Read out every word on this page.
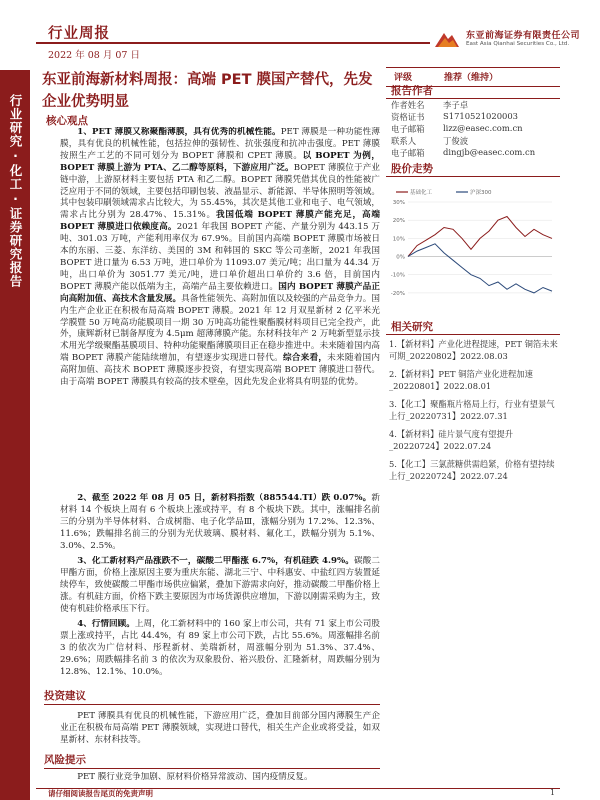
行业研究·化工·证券研究报告
行业周报
2022 年 08 月 07 日
东亚前海证券有限责任公司
East Asia Qianhai Securities Co., Ltd.
东亚前海新材料周报：高端 PET 膜国产替代，先发企业优势明显
核心观点
1、PET 薄膜又称聚酯薄膜，具有优秀的机械性能。PET 薄膜是一种功能性薄膜，具有优良的机械性能，包括拉伸的强韧性、抗张强度和抗冲击强度。PET 薄膜按照生产工艺的不同可划分为 BOPET 薄膜和 CPET 薄膜。以 BOPET 为例，BOPET 薄膜上游为 PTA、乙二醇等原料，下游应用广泛。BOPET 薄膜位于产业链中游，上游原材料主要包括 PTA 和乙二醇。BOPET 薄膜凭借其优良的性能被广泛应用于不同的领域，主要包括印刷包装、液晶显示、新能源、半导体照明等领域。其中包装印刷领域需求占比较大，为 55.45%，其次是其他工业和电子、电气领域，需求占比分别为 28.47%、15.31%。我国低端 BOPET 薄膜产能充足，高端 BOPET 薄膜进口依赖度高。2021 年我国 BOPET 产能、产量分别为 443.15 万吨、301.03 万吨，产能利用率仅为 67.9%。目前国内高端 BOPET 薄膜市场被日本的东丽、三菱、东洋纺、美国的 3M 和韩国的 SKC 等公司垄断，2021 年我国 BOPET 进口量为 6.53 万吨，进口单价为 11093.07 美元/吨；出口量为 44.34 万吨，出口单价为 3051.77 美元/吨，进口单价超出口单价约 3.6 倍，目前国内 BOPET 薄膜产能以低端为主，高端产品主要依赖进口。国内 BOPET 薄膜产品正向高附加值、高技术含量发展。具备性能领先、高附加值以及较强的产品竞争力。国内生产企业正在积极布局高端 BOPET 薄膜。2021 年 12 月双星新材 2 亿平米光学膜暨 50 万吨高功能膜项目一期 30 万吨高功能性聚酯膜材料项目已完全投产，此外，康辉新材已制备厚度为 4.5μm 超薄薄膜产能。东材科技年产 2 万吨新型显示技术用光学级聚酯基膜项目、特种功能聚酯薄膜项目正在稳步推进中。未来随着国内高端 BOPET 薄膜产能陆续增加，有望逐步实现进口替代。综合来看，未来随着国内高附加值、高技术 BOPET 薄膜逐步投资，有望实现高端 BOPET 薄膜进口替代。由于高端 BOPET 薄膜具有较高的技术壁垒，因此先发企业将具有明显的优势。
2、截至 2022 年 08 月 05 日，新材料指数（885544.TI）跌 0.07%。新材料 14 个板块上周有 6 个板块上涨或持平，有 8 个板块下跌。其中，涨幅排名前三的分别为半导体材料、合成树脂、电子化学品Ⅲ，涨幅分别为 17.2%、12.3%、11.6%；跌幅排名前三的分别为光伏玻璃、膜材料、氟化工，跌幅分别为 5.1%、3.0%、2.5%。
3、化工新材料产品涨跌不一，碳酸二甲酯涨 6.7%，有机硅跌 4.9%。碳酸二甲酯方面，价格上涨原因主要为重庆东能、湖北三宁、中科惠安、中盐红四方装置延续停车，致使碳酸二甲酯市场供应偏紧，叠加下游需求向好，推动碳酸二甲酯价格上涨。有机硅方面，价格下跌主要原因为市场货源供应增加，下游以刚需采购为主，致使有机硅价格承压下行。
4、行情回顾。上周，化工新材料中的 160 家上市公司，共有 71 家上市公司股票上涨或持平，占比 44.4%，有 89 家上市公司下跌，占比 55.6%。周涨幅排名前 3 的依次为广信材料、彤程新材、美瑞新材，周涨幅分别为 51.3%、37.4%、29.6%；周跌幅排名前 3 的依次为双象股份、裕兴股份、汇隆新材，周跌幅分别为 12.8%、12.1%、10.0%。
投资建议
PET 薄膜具有优良的机械性能，下游应用广泛，叠加目前部分国内薄膜生产企业正在积极布局高端 PET 薄膜领域，实现进口替代，相关生产企业或将受益，如双星新材、东材科技等。
风险提示
PET 膜行业竞争加剧、原材料价格异常波动、国内疫情反复。
评级	推荐（维持）
报告作者
作者姓名 李子卓
资格证书 S1710521020003
电子邮箱 lizz@easec.com.cn
联系人	丁俊波
电子邮箱 dingjb@easec.com.cn
股价走势
30%
20%
10%
0%
-10%
-20%
基础化工	沪深300
相关研究
1.【新材料】产业化进程提速，PET 铜箔未来可期_20220802】2022.08.03
2.【新材料】PET 铜箔产业化进程加速_20220801】2022.08.01
3.【化工】聚酯瓶片格局上行，行业有望景气上行_20220731】2022.07.31
4.【新材料】硅片景气度有望提升_20220724】2022.07.24
5.【化工】三氯蔗糖供需趋紧，价格有望持续上行_20220724】2022.07.24
请仔细阅读报告尾页的免责声明	1
